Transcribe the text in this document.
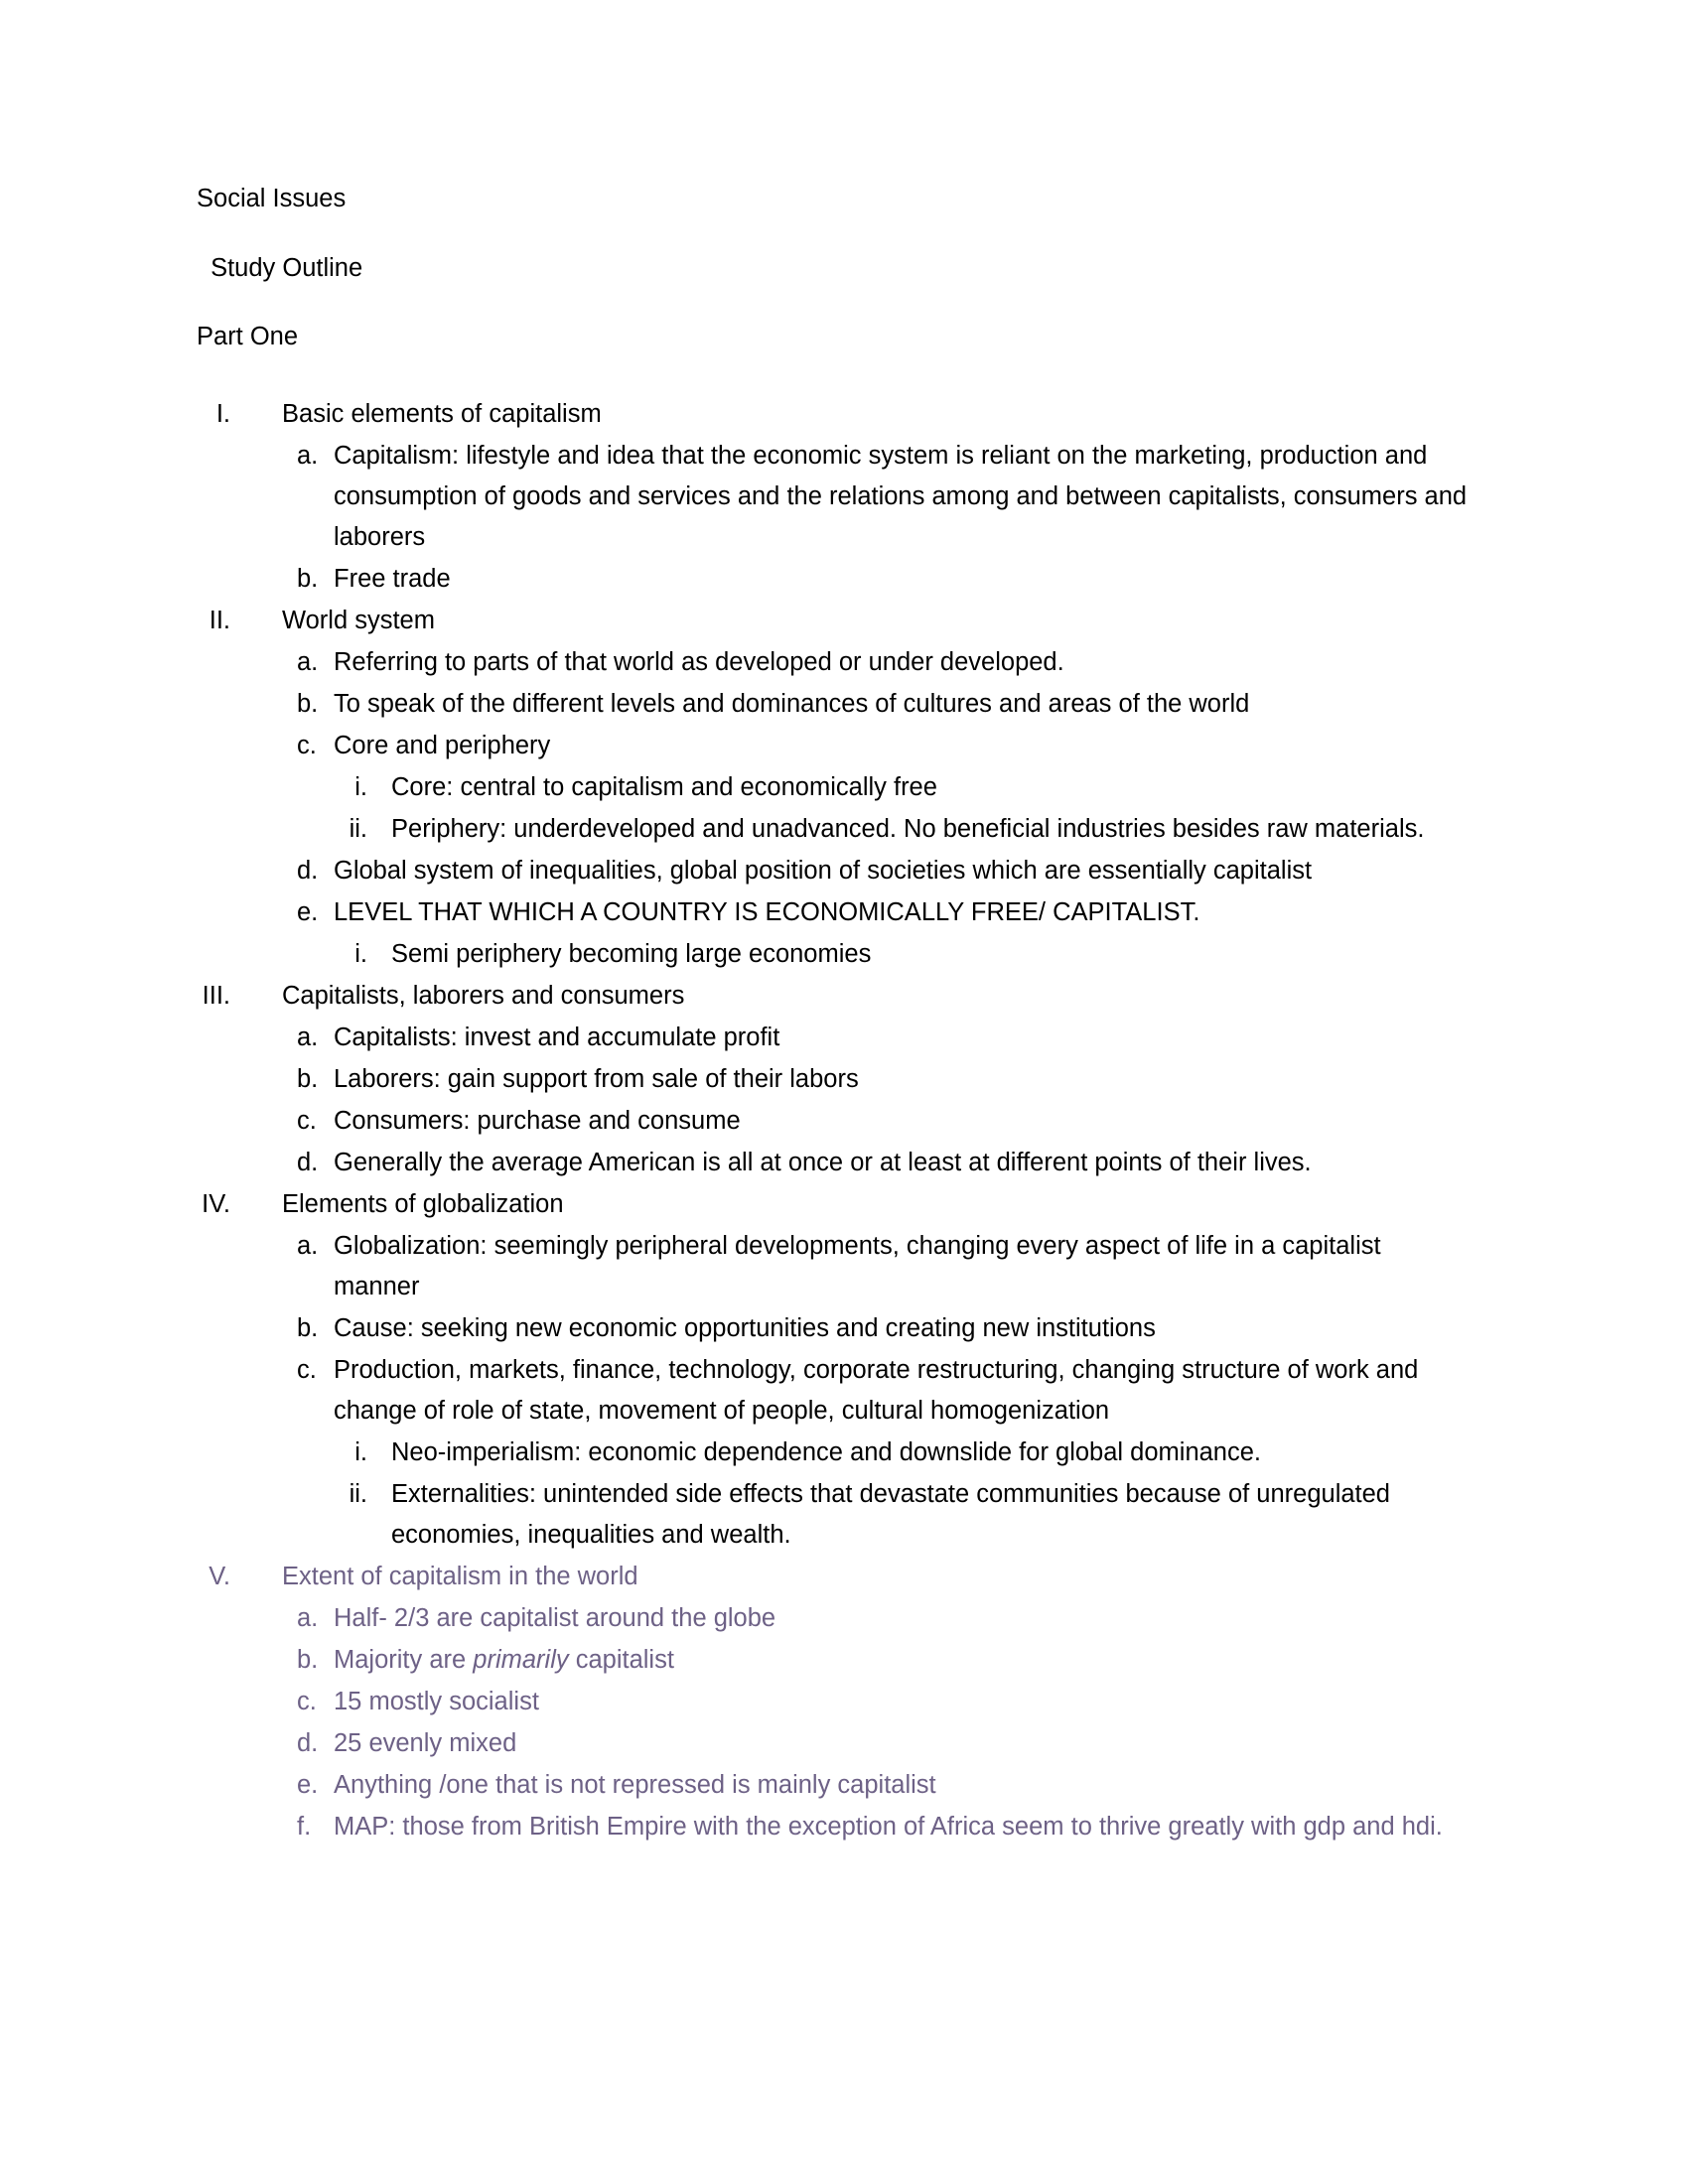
Social Issues
Study Outline
Part One
I.	Basic elements of capitalism
a. Capitalism: lifestyle and idea that the economic system is reliant on the marketing, production and consumption of goods and services and the relations among and between capitalists, consumers and laborers
b. Free trade
II.	World system
a. Referring to parts of that world as developed or under developed.
b. To speak of the different levels and dominances of cultures and areas of the world
c. Core and periphery
i. Core: central to capitalism and economically free
ii. Periphery: underdeveloped and unadvanced. No beneficial industries besides raw materials.
d. Global system of inequalities, global position of societies which are essentially capitalist
e. LEVEL THAT WHICH A COUNTRY IS ECONOMICALLY FREE/ CAPITALIST.
i. Semi periphery becoming large economies
III.	Capitalists, laborers and consumers
a. Capitalists: invest and accumulate profit
b. Laborers: gain support from sale of their labors
c. Consumers: purchase and consume
d. Generally the average American is all at once or at least at different points of their lives.
IV.	Elements of globalization
a. Globalization: seemingly peripheral developments, changing every aspect of life in a capitalist manner
b. Cause: seeking new economic opportunities and creating new institutions
c. Production, markets, finance, technology, corporate restructuring, changing structure of work and change of role of state, movement of people, cultural homogenization
i. Neo-imperialism: economic dependence and downslide for global dominance.
ii. Externalities: unintended side effects that devastate communities because of unregulated economies, inequalities and wealth.
V.	Extent of capitalism in the world
a. Half- 2/3 are capitalist around the globe
b. Majority are primarily capitalist
c. 15 mostly socialist
d. 25 evenly mixed
e. Anything /one that is not repressed is mainly capitalist
f. MAP: those from British Empire with the exception of Africa seem to thrive greatly with gdp and hdi.
